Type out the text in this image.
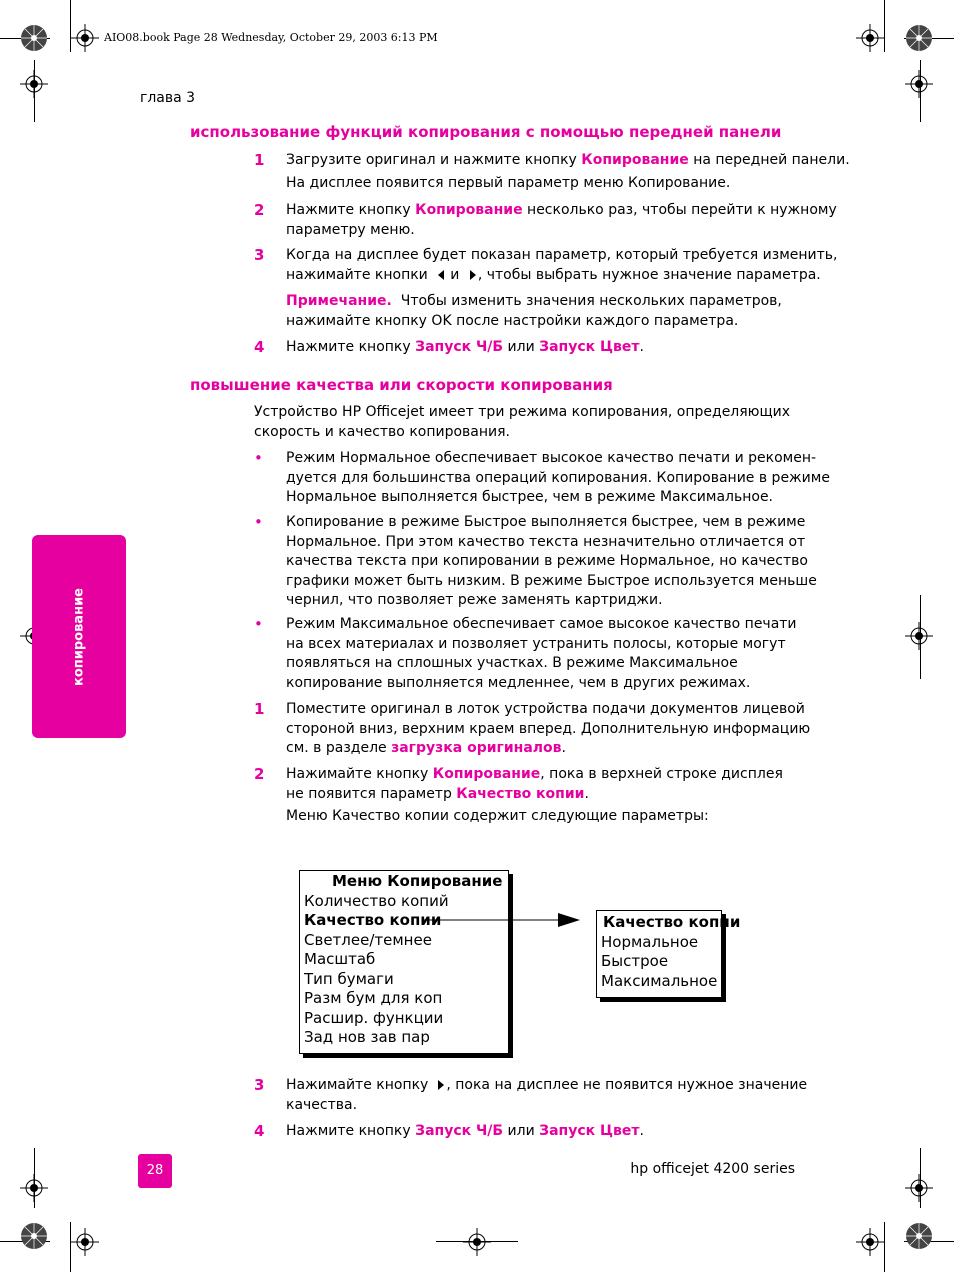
AIO08.book Page 28 Wednesday, October 29, 2003 6:13 PM
глава 3
копирование
использование функций копирования с помощью передней панели
1 Загрузите оригинал и нажмите кнопку Копирование на передней панели.
На дисплее появится первый параметр меню Копирование.
2 Нажмите кнопку Копирование несколько раз, чтобы перейти к нужному
параметру меню.
3 Когда на дисплее будет показан параметр, который требуется изменить,
нажимайте кнопки и , чтобы выбрать нужное значение параметра.
Примечание. Чтобы изменить значения нескольких параметров,
нажимайте кнопку OK после настройки каждого параметра.
4 Нажмите кнопку Запуск Ч/Б или Запуск Цвет.
повышение качества или скорости копирования
Устройство HP Officejet имеет три режима копирования, определяющих
скорость и качество копирования.
• Режим Нормальное обеспечивает высокое качество печати и рекомен-
дуется для большинства операций копирования. Копирование в режиме
Нормальное выполняется быстрее, чем в режиме Максимальное.
• Копирование в режиме Быстрое выполняется быстрее, чем в режиме
Нормальное. При этом качество текста незначительно отличается от
качества текста при копировании в режиме Нормальное, но качество
графики может быть низким. В режиме Быстрое используется меньше
чернил, что позволяет реже заменять картриджи.
• Режим Максимальное обеспечивает самое высокое качество печати
на всех материалах и позволяет устранить полосы, которые могут
появляться на сплошных участках. В режиме Максимальное
копирование выполняется медленнее, чем в других режимах.
1 Поместите оригинал в лоток устройства подачи документов лицевой
стороной вниз, верхним краем вперед. Дополнительную информацию
см. в разделе загрузка оригиналов.
2 Нажимайте кнопку Копирование, пока в верхней строке дисплея
не появится параметр Качество копии.
Меню Качество копии содержит следующие параметры:
Меню Копирование
Количество копий
Качество копии
Светлее/темнее
Масштаб
Тип бумаги
Разм бум для коп
Расшир. функции
Зад нов зав пар
Качество копии
Нормальное
Быстрое
Максимальное
3 Нажимайте кнопку , пока на дисплее не появится нужное значение
качества.
4 Нажмите кнопку Запуск Ч/Б или Запуск Цвет.
28	hp officejet 4200 series
